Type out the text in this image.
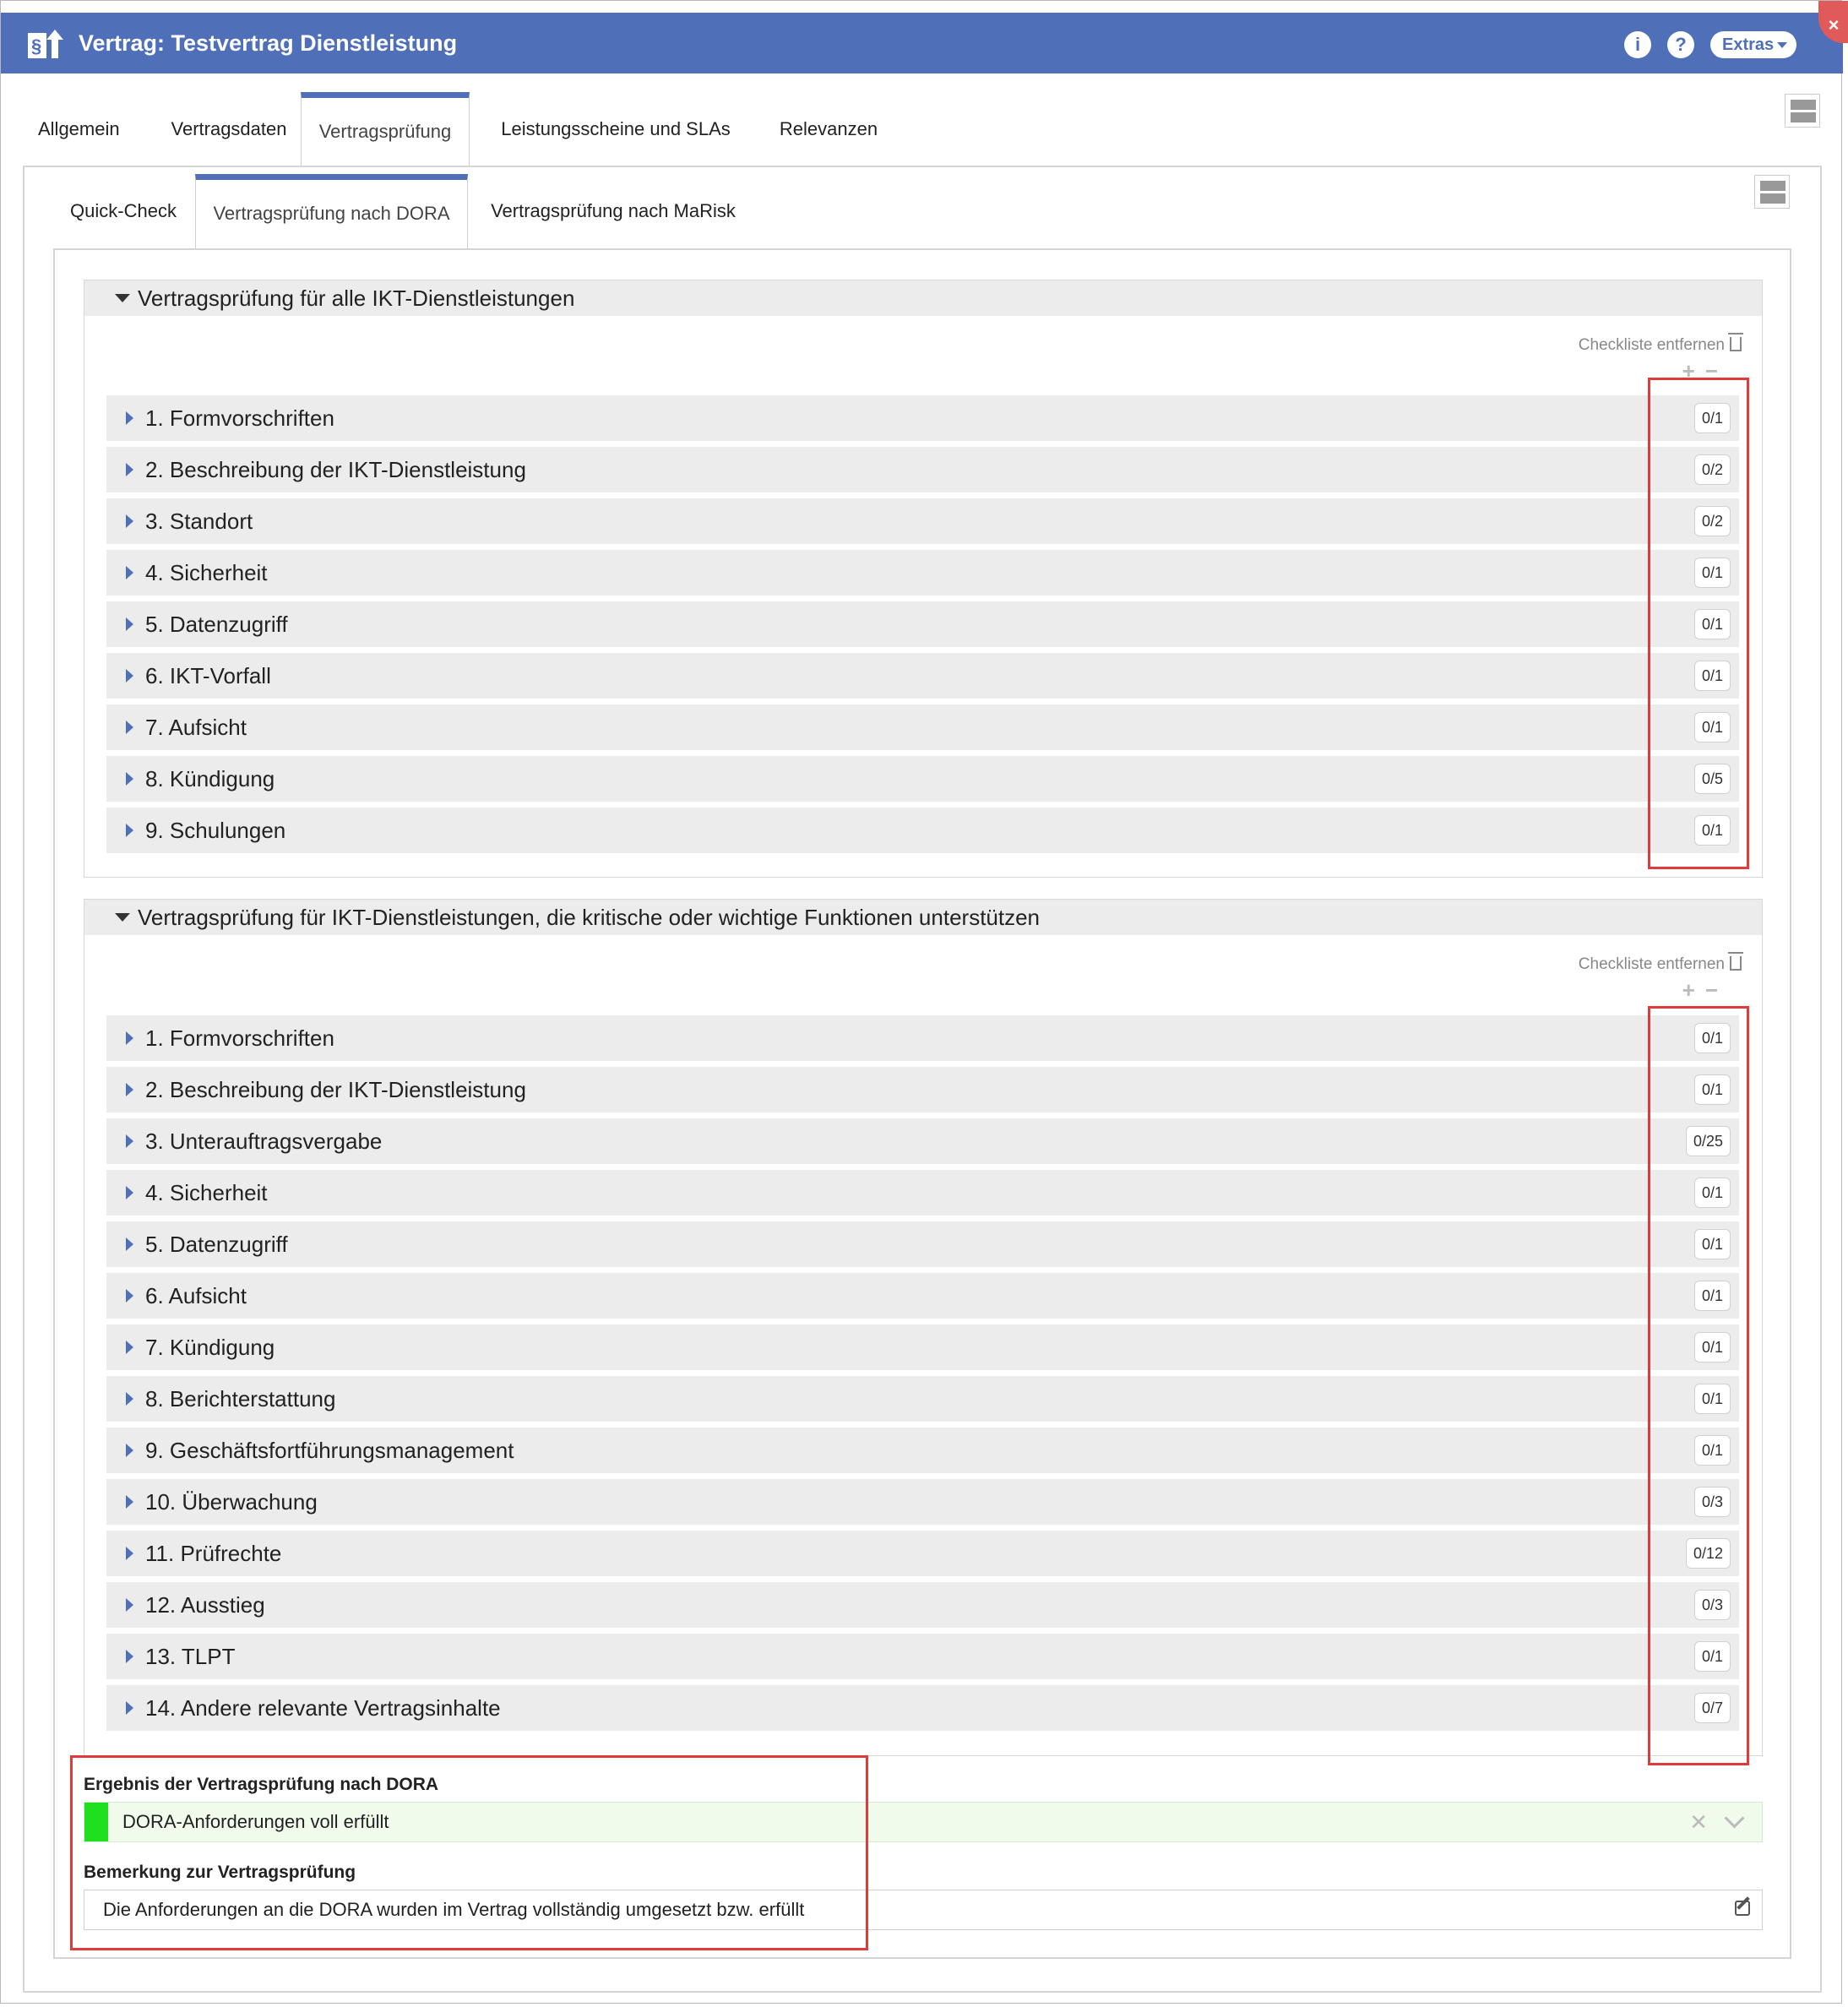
§ Vertrag: Testvertrag Dienstleistung	i	?	Extras
×
Allgemein	Vertragsdaten	Vertragsprüfung	Leistungsscheine und SLAs	Relevanzen
Quick-Check	Vertragsprüfung nach DORA	Vertragsprüfung nach MaRisk
Vertragsprüfung für alle IKT-Dienstleistungen
Checkliste entfernen
+−
1. Formvorschriften	0/1
2. Beschreibung der IKT-Dienstleistung	0/2
3. Standort	0/2
4. Sicherheit	0/1
5. Datenzugriff	0/1
6. IKT-Vorfall	0/1
7. Aufsicht	0/1
8. Kündigung	0/5
9. Schulungen	0/1
Vertragsprüfung für IKT-Dienstleistungen, die kritische oder wichtige Funktionen unterstützen
Checkliste entfernen
+−
1. Formvorschriften	0/1
2. Beschreibung der IKT-Dienstleistung	0/1
3. Unterauftragsvergabe	0/25
4. Sicherheit	0/1
5. Datenzugriff	0/1
6. Aufsicht	0/1
7. Kündigung	0/1
8. Berichterstattung	0/1
9. Geschäftsfortführungsmanagement	0/1
10. Überwachung	0/3
11. Prüfrechte	0/12
12. Ausstieg	0/3
13. TLPT	0/1
14. Andere relevante Vertragsinhalte	0/7
Ergebnis der Vertragsprüfung nach DORA
DORA-Anforderungen voll erfüllt	✕
Bemerkung zur Vertragsprüfung
Die Anforderungen an die DORA wurden im Vertrag vollständig umgesetzt bzw. erfüllt
